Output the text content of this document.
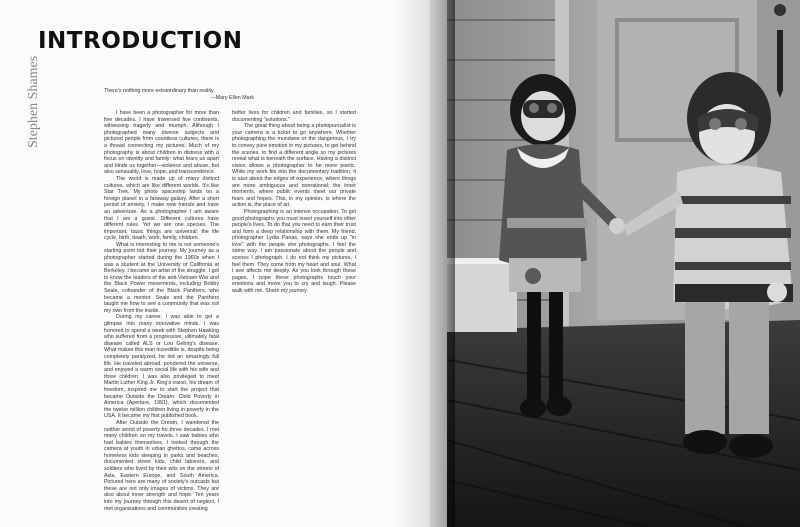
INTRODUCTION
Stephen Shames	There's nothing more extraordinary than reality.
—Mary Ellen Mark

I have been a photographer for more than five decades. I have traversed five continents, witnessing tragedy and triumph. Although I photographed many diverse subjects and pictured people from countless cultures, there is a thread connecting my pictures. Much of my photography is about children in distress with a focus on identity and family: what tears us apart and binds us together—violence and abuse, but also sensuality, love, hope, and transcendence.

The world is made up of many distinct cultures, which are like different worlds. It's like Star Trek. My photo spaceship lands on a foreign planet in a faraway galaxy. After a short period of anxiety, I make new friends and have an adventure. As a photographer I am aware that I am a guest. Different cultures have different rules. Yet we are one species. The important, basic things are universal: the life cycle, birth, death, work, family, children.

What is interesting to me is not someone's starting point but their journey. My journey as a photographer started during the 1960s when I was a student at the University of California at Berkeley. I became an artist of the struggle. I got to know the leaders of the anti-Vietnam War and the Black Power movements, including Bobby Seale, cofounder of the Black Panthers, who became a mentor. Seale and the Panthers taught me how to see a community that was not my own from the inside.

During my career, I was able to get a glimpse into many innovative minds. I was honored to spend a week with Stephen Hawking who suffered from a progressive, ultimately fatal disease called ALS or Lou Gehrig's disease. What makes this man incredible is, despite being completely paralyzed, he led an amazingly full life. He traveled abroad, pondered the universe, and enjoyed a warm social life with his wife and three children. I was also privileged to meet Martin Luther King Jr. King's vision, his dream of freedom, inspired me to start the project that became Outside the Dream: Child Poverty in America (Aperture, 1991), which documented the twelve million children living in poverty in the USA. It became my first published book.

After Outside the Dream, I wandered the neither world of poverty for three decades. I met many children on my travels. I saw babies who had babies themselves. I looked through the camera at youth in urban ghettos, came across homeless kids sleeping in parks and beaches, documented street kids, child laborers, and soldiers who lived by their wits on the streets of Asia, Eastern Europe, and South America. Pictured here are many of society's outcasts but these are not only images of victims. They are also about inner strength and hope. Ten years into my journey through this desert of neglect, I met organizations and communities creating

better lives for children and families, so I started documenting "solutions."

The great thing about being a photojournalist is your camera is a ticket to go anywhere. Whether photographing the mundane or the dangerous, I try to convey pure emotion in my pictures, to get behind the scenes, to find a different angle so my pictures reveal what is beneath the surface. Having a distinct vision allows a photographer to be more poetic. While my work fits into the documentary tradition, it is also about the edges of experience, where things are more ambiguous and nonrational; the inner moments, where public events meet our private fears and hopes. This, in my opinion, is where the action is, the place of art.

Photographing is an intense occupation. To get good photographs you must insert yourself into other people's lives. To do that you need to earn their trust and form a deep relationship with them. My friend, photographer Lydia Panas, says she ends up "in love" with the people she photographs. I feel the same way. I am passionate about the people and scenes I photograph. I do not think my pictures, I feel them. They come from my heart and soul. What I see affects me deeply. As you look through these pages, I hope these photographs touch your emotions and move you to cry and laugh. Please walk with me. Share my journey.
